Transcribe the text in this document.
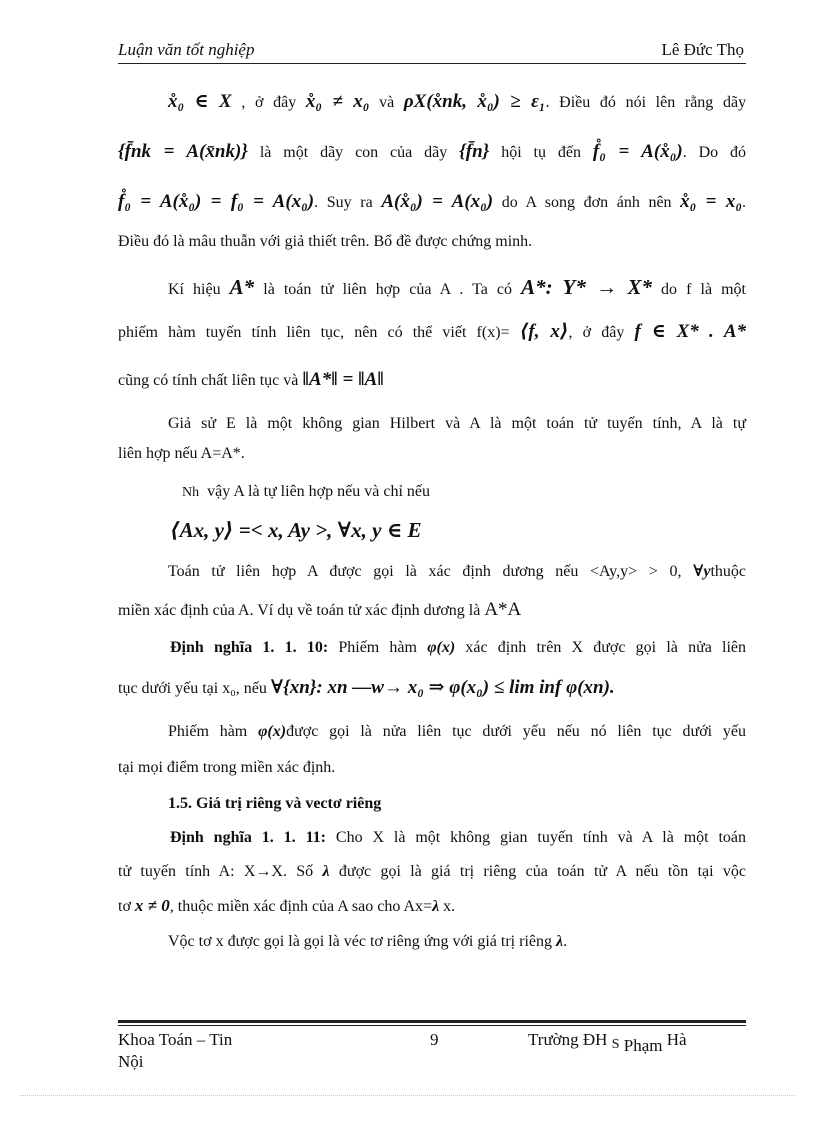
Luận văn tốt nghiệp	Lê Đức Thọ
x̊₀ ∈ X , ở đây x̊₀ ≠ x₀ và ρX(x̊nk, x̊₀) ≥ ε₁. Điều đó nói lên rằng dãy
{f̄nk = A(x̄nk)} là một dãy con của dãy {f̄n} hội tụ đến f̊₀ = A(x̊₀). Do đó
f̊₀ = A(x̊₀) = f₀ = A(x₀). Suy ra A(x̊₀) = A(x₀) do A song đơn ánh nên x̊₀ = x₀.
Điều đó là mâu thuẫn với giả thiết trên. Bổ đề được chứng minh.
Kí hiệu A* là toán tử liên hợp của A . Ta có A*: Y* → X* do f là một
phiếm hàm tuyến tính liên tục, nên có thể viết f(x)= ⟨f, x⟩, ở đây f ∈ X* . A*
cũng có tính chất liên tục và ‖A*‖ = ‖A‖
Giả sử E là một không gian Hilbert và A là một toán tử tuyến tính, A là tự
liên hợp nếu A=A*.
Nh vậy A là tự liên hợp nếu và chỉ nếu
⟨Ax, y⟩ =< x, Ay >, ∀x, y ∈ E
Toán tử liên hợp A được gọi là xác định dương nếu <Ay,y> > 0, ∀ythuộc
miền xác định của A. Ví dụ về toán tử xác định dương là A*A
Định nghĩa 1. 1. 10: Phiếm hàm φ(x) xác định trên X được gọi là nửa liên
tục dưới yếu tại x₀, nếu ∀{xn}: xn —w→ x₀ ⇒ φ(x₀) ≤ lim inf φ(xn).
Phiếm hàm φ(x)được gọi là nửa liên tục dưới yếu nếu nó liên tục dưới yếu
tại mọi điểm trong miền xác định.
1.5. Giá trị riêng và vectơ riêng
Định nghĩa 1. 1. 11: Cho X là một không gian tuyến tính và A là một toán
tử tuyến tính A: X→X. Số λ được gọi là giá trị riêng của toán tử A nếu tồn tại vộc
tơ x ≠ 0, thuộc miền xác định của A sao cho Ax=λ x.
Vộc tơ x được gọi là gọi là véc tơ riêng ứng với giá trị riêng λ.
Khoa Toán – Tin
Nội
9	Trường ĐH S Phạm Hà
